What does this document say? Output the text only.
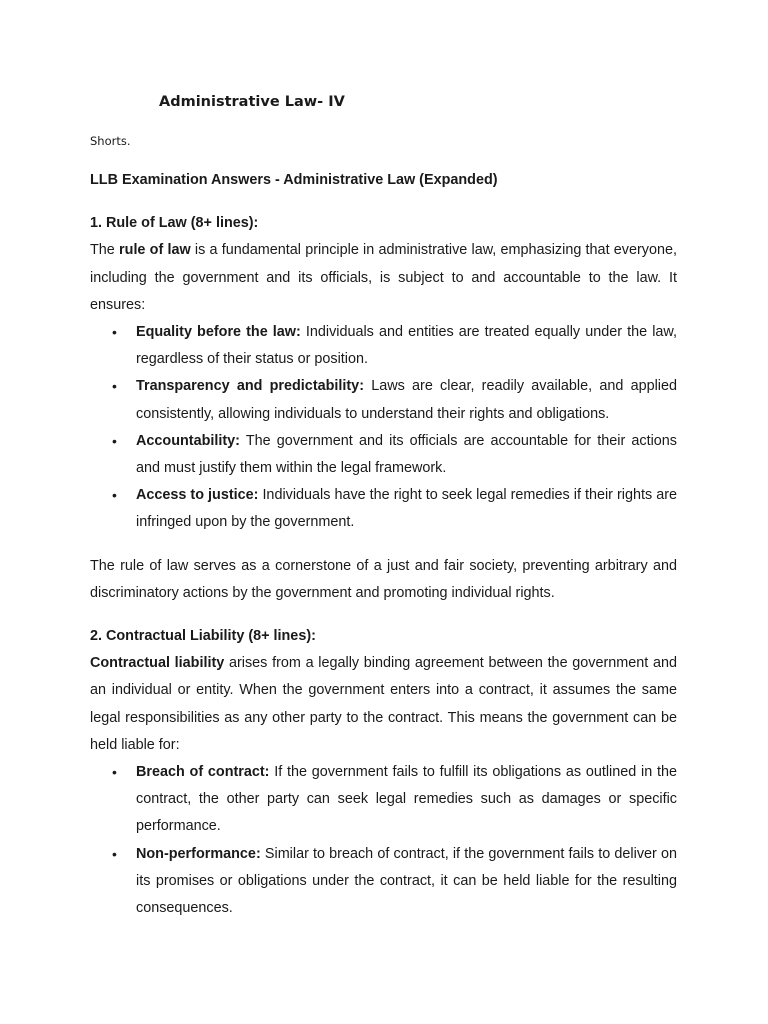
Administrative Law- IV
Shorts.

LLB Examination Answers - Administrative Law (Expanded)

1. Rule of Law (8+ lines):

The rule of law is a fundamental principle in administrative law, emphasizing that everyone, including the government and its officials, is subject to and accountable to the law. It ensures:

• Equality before the law: Individuals and entities are treated equally under the law, regardless of their status or position.
• Transparency and predictability: Laws are clear, readily available, and applied consistently, allowing individuals to understand their rights and obligations.
• Accountability: The government and its officials are accountable for their actions and must justify them within the legal framework.
• Access to justice: Individuals have the right to seek legal remedies if their rights are infringed upon by the government.

The rule of law serves as a cornerstone of a just and fair society, preventing arbitrary and discriminatory actions by the government and promoting individual rights.

2. Contractual Liability (8+ lines):

Contractual liability arises from a legally binding agreement between the government and an individual or entity. When the government enters into a contract, it assumes the same legal responsibilities as any other party to the contract. This means the government can be held liable for:

• Breach of contract: If the government fails to fulfill its obligations as outlined in the contract, the other party can seek legal remedies such as damages or specific performance.
• Non-performance: Similar to breach of contract, if the government fails to deliver on its promises or obligations under the contract, it can be held liable for the resulting consequences.
